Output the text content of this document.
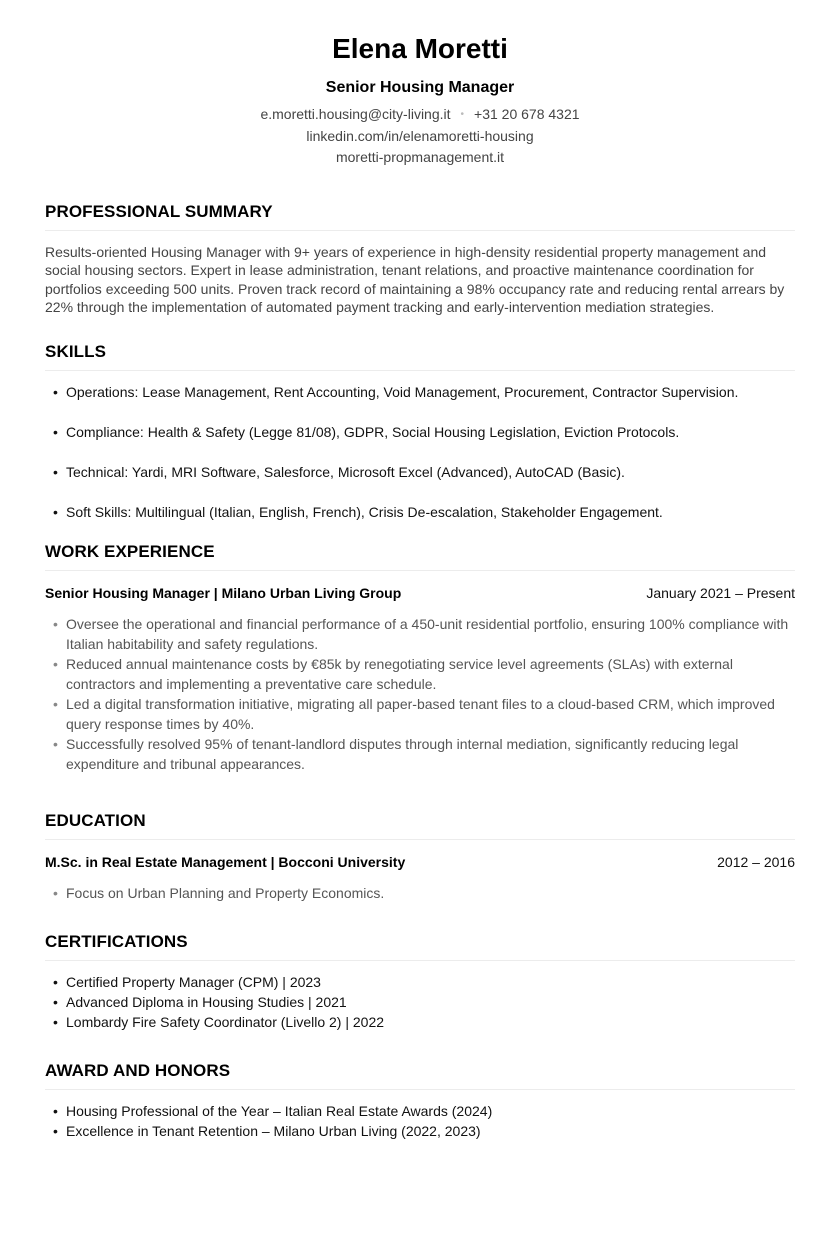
Elena Moretti
Senior Housing Manager
e.moretti.housing@city-living.it • +31 20 678 4321
linkedin.com/in/elenamoretti-housing
moretti-propmanagement.it
PROFESSIONAL SUMMARY
Results-oriented Housing Manager with 9+ years of experience in high-density residential property management and social housing sectors. Expert in lease administration, tenant relations, and proactive maintenance coordination for portfolios exceeding 500 units. Proven track record of maintaining a 98% occupancy rate and reducing rental arrears by 22% through the implementation of automated payment tracking and early-intervention mediation strategies.
SKILLS
• Operations: Lease Management, Rent Accounting, Void Management, Procurement, Contractor Supervision.
• Compliance: Health & Safety (Legge 81/08), GDPR, Social Housing Legislation, Eviction Protocols.
• Technical: Yardi, MRI Software, Salesforce, Microsoft Excel (Advanced), AutoCAD (Basic).
• Soft Skills: Multilingual (Italian, English, French), Crisis De-escalation, Stakeholder Engagement.
WORK EXPERIENCE
Senior Housing Manager | Milano Urban Living Group	January 2021 – Present
• Oversee the operational and financial performance of a 450-unit residential portfolio, ensuring 100% compliance with Italian habitability and safety regulations.
• Reduced annual maintenance costs by €85k by renegotiating service level agreements (SLAs) with external contractors and implementing a preventative care schedule.
• Led a digital transformation initiative, migrating all paper-based tenant files to a cloud-based CRM, which improved query response times by 40%.
• Successfully resolved 95% of tenant-landlord disputes through internal mediation, significantly reducing legal expenditure and tribunal appearances.
EDUCATION
M.Sc. in Real Estate Management | Bocconi University	2012 – 2016
• Focus on Urban Planning and Property Economics.
CERTIFICATIONS
• Certified Property Manager (CPM) | 2023
• Advanced Diploma in Housing Studies | 2021
• Lombardy Fire Safety Coordinator (Livello 2) | 2022
AWARD AND HONORS
• Housing Professional of the Year – Italian Real Estate Awards (2024)
• Excellence in Tenant Retention – Milano Urban Living (2022, 2023)
